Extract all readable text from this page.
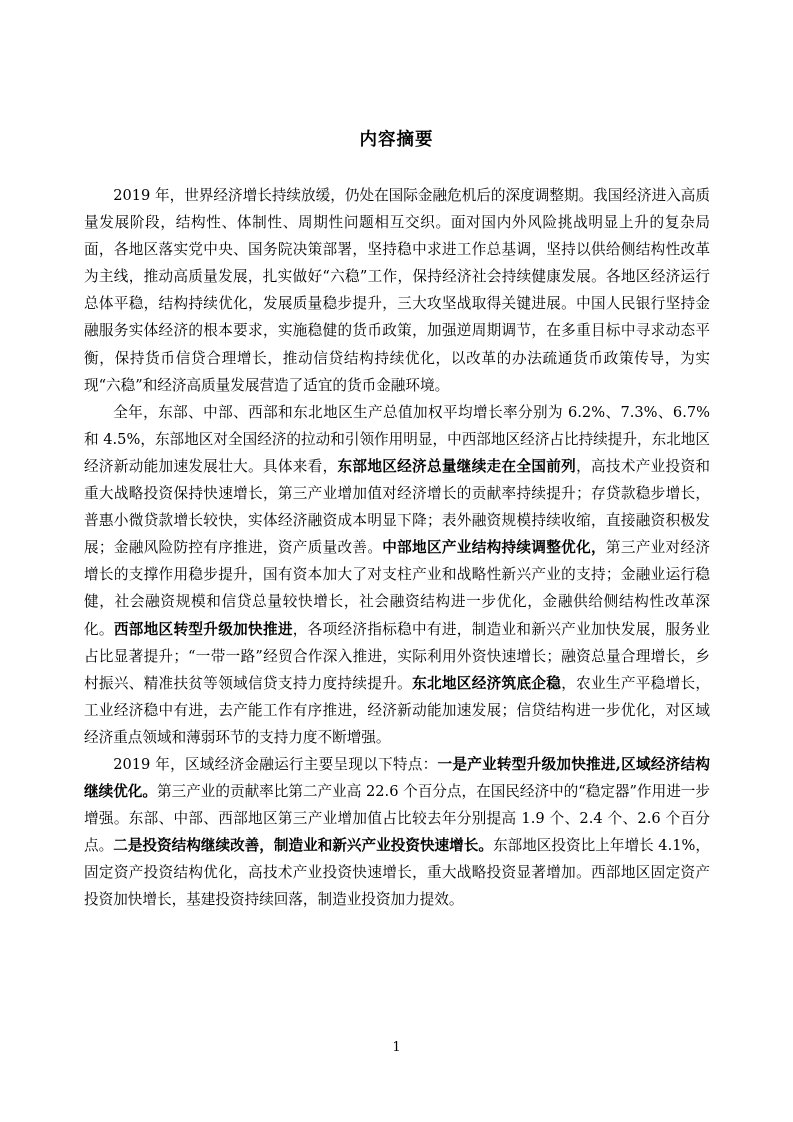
内容摘要

2019 年，世界经济增长持续放缓，仍处在国际金融危机后的深度调整期。我国经济进入高质量发展阶段，结构性、体制性、周期性问题相互交织。面对国内外风险挑战明显上升的复杂局面，各地区落实党中央、国务院决策部署，坚持稳中求进工作总基调，坚持以供给侧结构性改革为主线，推动高质量发展，扎实做好“六稳”工作，保持经济社会持续健康发展。各地区经济运行总体平稳，结构持续优化，发展质量稳步提升，三大攻坚战取得关键进展。中国人民银行坚持金融服务实体经济的根本要求，实施稳健的货币政策，加强逆周期调节，在多重目标中寻求动态平衡，保持货币信贷合理增长，推动信贷结构持续优化，以改革的办法疏通货币政策传导，为实现“六稳”和经济高质量发展营造了适宜的货币金融环境。

全年，东部、中部、西部和东北地区生产总值加权平均增长率分别为 6.2%、7.3%、6.7%和 4.5%，东部地区对全国经济的拉动和引领作用明显，中西部地区经济占比持续提升，东北地区经济新动能加速发展壮大。具体来看，东部地区经济总量继续走在全国前列，高技术产业投资和重大战略投资保持快速增长，第三产业增加值对经济增长的贡献率持续提升；存贷款稳步增长，普惠小微贷款增长较快，实体经济融资成本明显下降；表外融资规模持续收缩，直接融资积极发展；金融风险防控有序推进，资产质量改善。中部地区产业结构持续调整优化，第三产业对经济增长的支撑作用稳步提升，国有资本加大了对支柱产业和战略性新兴产业的支持；金融业运行稳健，社会融资规模和信贷总量较快增长，社会融资结构进一步优化，金融供给侧结构性改革深化。西部地区转型升级加快推进，各项经济指标稳中有进，制造业和新兴产业加快发展，服务业占比显著提升；“一带一路”经贸合作深入推进，实际利用外资快速增长；融资总量合理增长，乡村振兴、精准扶贫等领域信贷支持力度持续提升。东北地区经济筑底企稳，农业生产平稳增长，工业经济稳中有进，去产能工作有序推进，经济新动能加速发展；信贷结构进一步优化，对区域经济重点领域和薄弱环节的支持力度不断增强。

2019 年，区域经济金融运行主要呈现以下特点：一是产业转型升级加快推进,区域经济结构继续优化。第三产业的贡献率比第二产业高 22.6 个百分点，在国民经济中的“稳定器”作用进一步增强。东部、中部、西部地区第三产业增加值占比较去年分别提高 1.9 个、2.4 个、2.6 个百分点。二是投资结构继续改善，制造业和新兴产业投资快速增长。东部地区投资比上年增长 4.1%，固定资产投资结构优化，高技术产业投资快速增长，重大战略投资显著增加。西部地区固定资产投资加快增长，基建投资持续回落，制造业投资加力提效。

1
